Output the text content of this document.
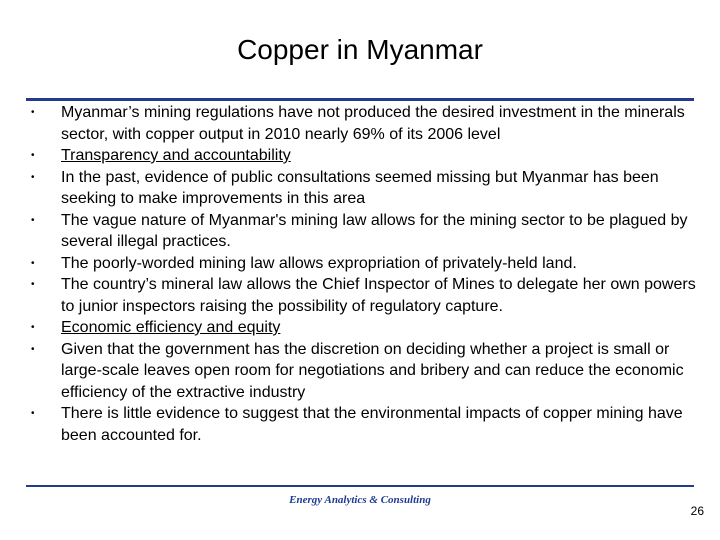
Copper in Myanmar
• Myanmar’s mining regulations have not produced the desired investment in the minerals sector, with copper output in 2010 nearly 69% of its 2006 level
• Transparency and accountability
• In the past, evidence of public consultations seemed missing but Myanmar has been seeking to make improvements in this area
• The vague nature of Myanmar's mining law allows for the mining sector to be plagued by several illegal practices.
• The poorly-worded mining law allows expropriation of privately-held land.
• The country’s mineral law allows the Chief Inspector of Mines to delegate her own powers to junior inspectors raising the possibility of regulatory capture.
• Economic efficiency and equity
• Given that the government has the discretion on deciding whether a project is small or large-scale leaves open room for negotiations and bribery and can reduce the economic efficiency of the extractive industry
• There is little evidence to suggest that the environmental impacts of copper mining have been accounted for.
Energy Analytics & Consulting
26
